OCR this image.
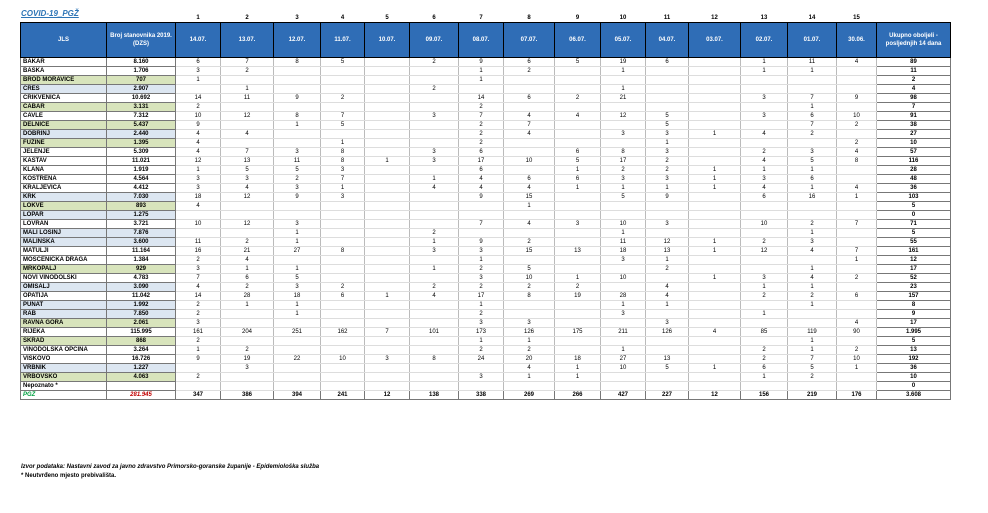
COVID-19_PGŽ
			1	2	3	4	5	6	7	8	9	10	11	12	13	14	15	
JLS	Broj stanovnika 2019. (DZS)	14.07.	13.07.	12.07.	11.07.	10.07.	09.07.	08.07.	07.07.	06.07.	05.07.	04.07.	03.07.	02.07.	01.07.	30.06.	Ukupno oboljeli - posljednjih 14 dana
BAKAR	8.160	6	7	8	5		2	9	6	5	19	6		1	11	4	89
BAŠKA	1.706	3	2					1	2		1			1	1		11
BROD MORAVICE	707	1						1									2
CRES	2.907		1				2				1						4
CRIKVENICA	10.692	14	11	9	2			14	6	2	21			3	7	9	98
ČABAR	3.131	2						2							1		7
ČAVLE	7.312	10	12	8	7		3	7	4	4	12	5		3	6	10	91
DELNICE	5.437	9		1	5			2	7			5			7	2	38
DOBRINJ	2.440	4	4					2	4		3	3	1	4	2		27
FUŽINE	1.395	4			1			2				1				2	10
JELENJE	5.309	4	7	3	8		3	6		6	8	3		2	3	4	57
KASTAV	11.021	12	13	11	8	1	3	17	10	5	17	2		4	5	8	116
KLANA	1.919	1	5	5	3			6		1	2	2	1	1	1		28
KOSTRENA	4.564	3	3	2	7		1	4	6	6	3	3	1	3	6		48
KRALJEVICA	4.412	3	4	3	1		4	4	4	1	1	1	1	4	1	4	36
KRK	7.030	18	12	9	3			9	15		5	9		6	16	1	103
LOKVE	893	4							1								5
LOPAR	1.275																0
LOVRAN	3.721	10	12	3				7	4	3	10	3		10	2	7	71
MALI LOŠINJ	7.876			1			2				1				1		5
MALINSKA	3.600	11	2	1			1	9	2		11	12	1	2	3		55
MATULJI	11.164	16	21	27	8		3	3	15	13	18	13	1	12	4	7	161
MOŠĆENIČKA DRAGA	1.384	2	4					1			3	1				1	12
MRKOPALJ	929	3	1	1			1	2	5			2			1		17
NOVI VINODOLSKI	4.783	7	6	5				3	10	1	10		1	3	4	2	52
OMIŠALJ	3.090	4	2	3	2		2	2	2	2		4		1	1		23
OPATIJA	11.042	14	28	18	6	1	4	17	8	19	28	4		2	2	6	157
PUNAT	1.992	2	1	1				1			1	1			1		8
RAB	7.850	2		1				2			3			1			9
RAVNA GORA	2.061	3						3	3			3				4	17
RIJEKA	115.995	161	204	251	162	7	101	173	126	175	211	126	4	85	119	90	1.995
SKRAD	868	2						1	1						1		5
VINODOLSKA OPĆINA	3.264	1	2					2	2		1			2	1	2	13
VIŠKOVO	16.726	9	19	22	10	3	8	24	20	18	27	13		2	7	10	192
VRBNIK	1.227		3						4	1	10	5	1	6	5	1	36
VRBOVSKO	4.063	2						3	1	1				1	2		10
Nepoznato *																	0
PGŽ	281.945	347	386	394	241	12	138	338	269	266	427	227	12	156	219	176	3.608
Izvor podataka: Nastavni zavod za javno zdravstvo Primorsko-goranske županije - Epidemiološka služba
* Neutvrđeno mjesto prebivališta.
